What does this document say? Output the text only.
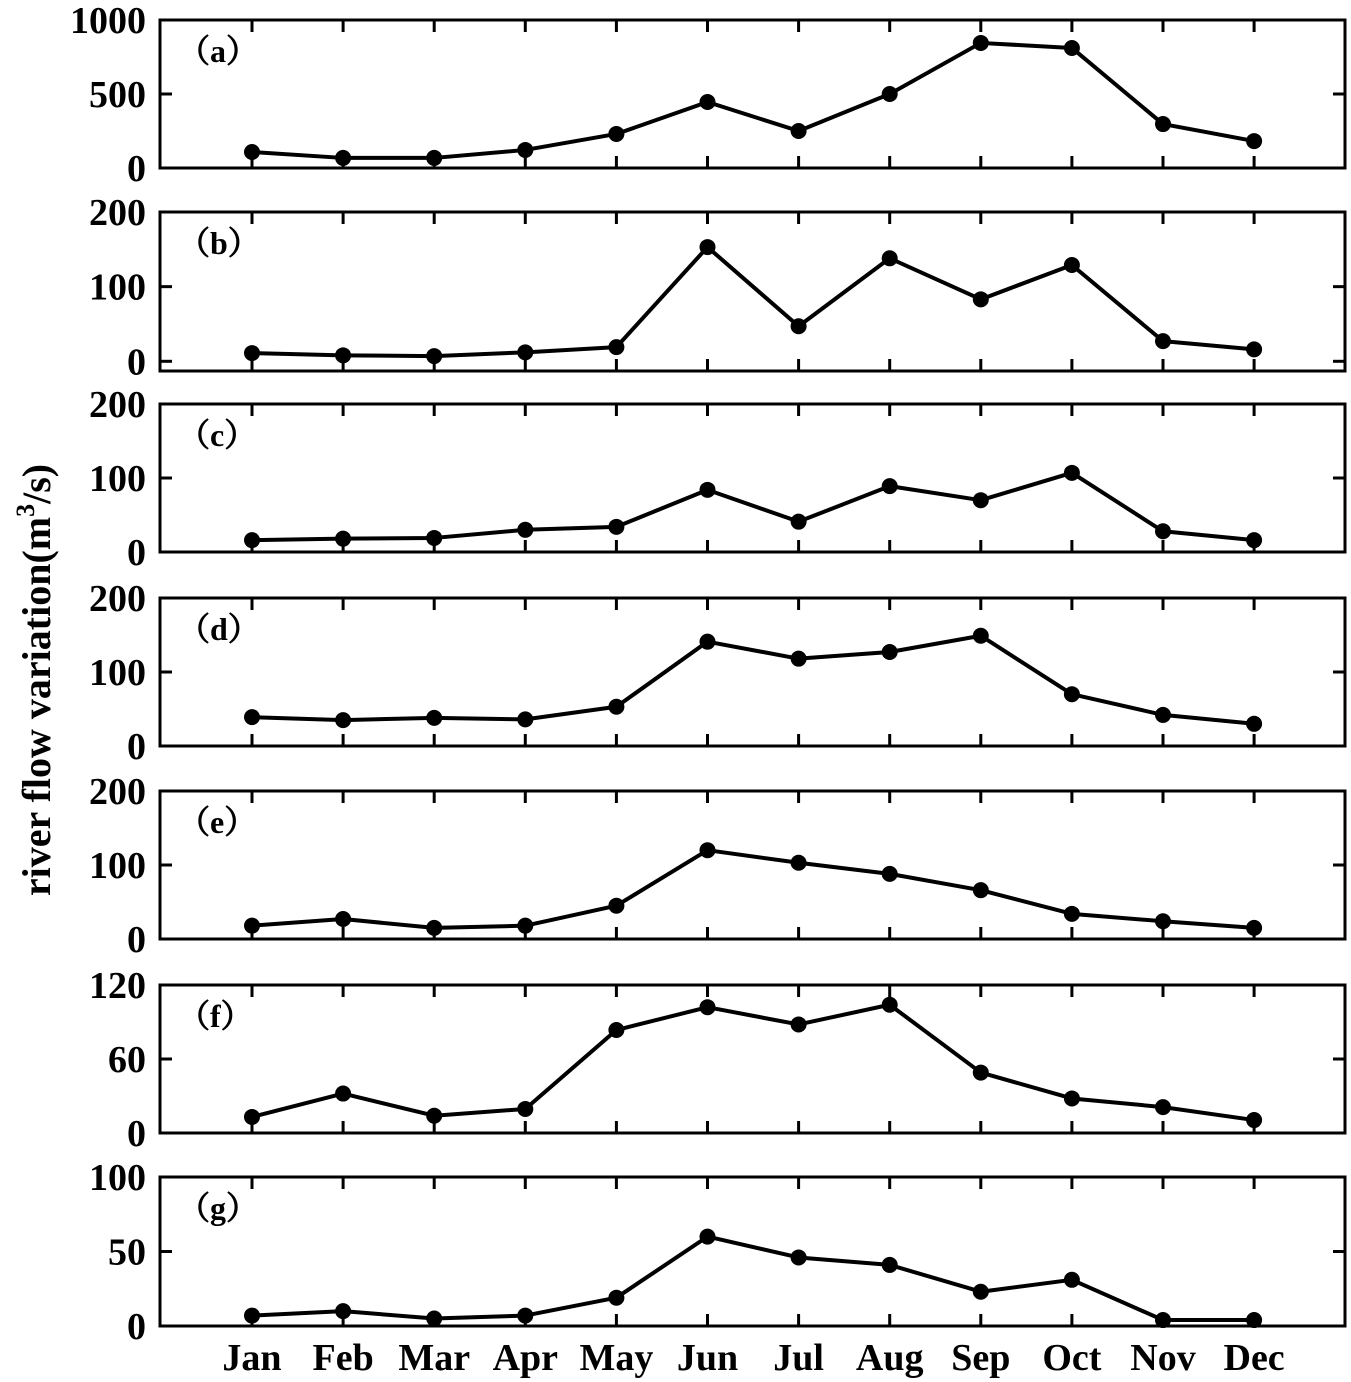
river flow $variation(m^3/s)$
0
500
1000
（a）
0
100
200
（b）
0
100
200
（c）
0
100
200
（d）
0
100
200
（e）
0
60
120
（f）
0
50
100
（g）
Jan Feb Mar Apr May Jun Jul Aug Sep Oct Nov Dec
